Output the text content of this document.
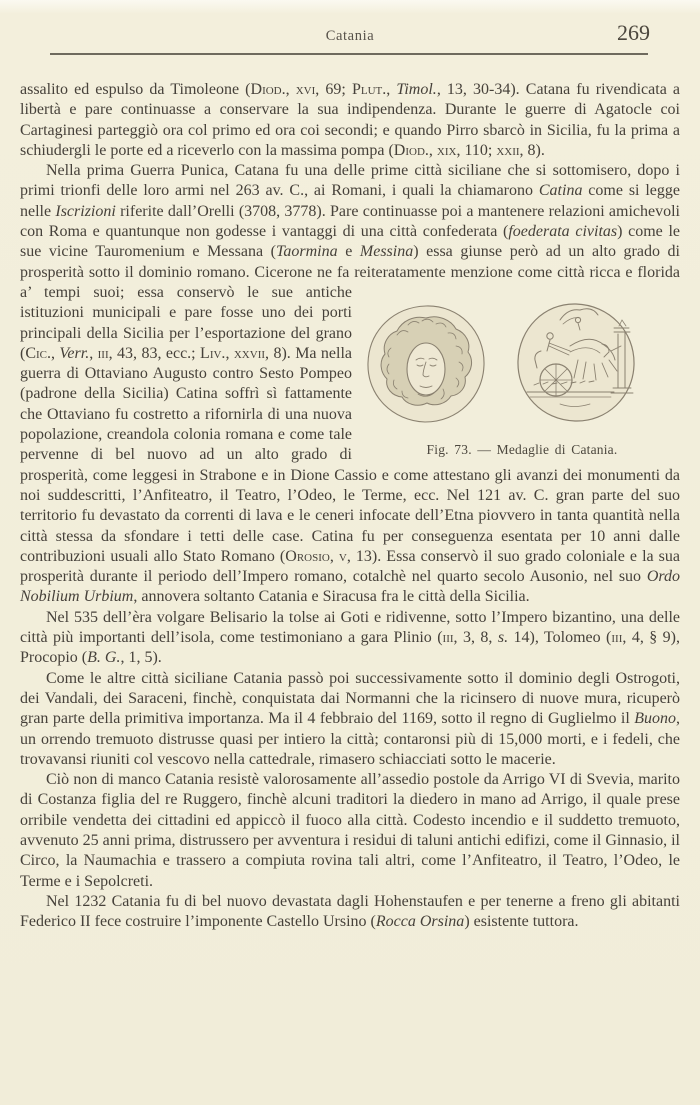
Catania	269

assalito ed espulso da Timoleone (Diod., xvi, 69; Plut., Timol., 13, 30-34). Catana fu rivendicata a libertà e pare continuasse a conservare la sua indipendenza. Durante le guerre di Agatocle coi Cartaginesi parteggiò ora col primo ed ora coi secondi; e quando Pirro sbarcò in Sicilia, fu la prima a schiudergli le porte ed a riceverlo con la massima pompa (Diod., xix, 110; xxii, 8).

Nella prima Guerra Punica, Catana fu una delle prime città siciliane che si sottomisero, dopo i primi trionfi delle loro armi nel 263 av. C., ai Romani, i quali la chiamarono Catina come si legge nelle Iscrizioni riferite dall’Orelli (3708, 3778). Pare continuasse poi a mantenere relazioni amichevoli con Roma e quantunque non godesse i vantaggi di una città confederata (foederata civitas) come le sue vicine Tauromenium e Messana (Taormina e Messina) essa giunse però ad un alto grado di prosperità sotto il dominio romano. Cicerone ne fa reiteratamente menzione come
Fig. 73. — Medaglie di Catania.
città ricca e florida a’ tempi suoi; essa conservò le sue antiche istituzioni municipali e pare fosse uno dei porti principali della Sicilia per l’esportazione del grano (Cic., Verr., iii, 43, 83, ecc.; Liv., xxvii, 8). Ma nella guerra di Ottaviano Augusto contro Sesto Pompeo (padrone della Sicilia) Catina soffrì sì fattamente che Ottaviano fu costretto a rifornirla di una nuova popolazione, creandola colonia romana e come tale pervenne di bel nuovo ad un alto grado di prosperità, come leggesi in Strabone e in Dione Cassio e come attestano gli avanzi dei monumenti da noi suddescritti, l’Anfiteatro, il Teatro, l’Odeo, le Terme, ecc. Nel 121 av. C. gran parte del suo territorio fu devastato da correnti di lava e le ceneri infocate dell’Etna piovvero in tanta quantità nella città stessa da sfondare i tetti delle case. Catina fu per conseguenza esentata per 10 anni dalle contribuzioni usuali allo Stato Romano (Orosio, v, 13). Essa conservò il suo grado coloniale e la sua prosperità durante il periodo dell’Impero romano, cotalchè nel quarto secolo Ausonio, nel suo Ordo Nobilium Urbium, annovera soltanto Catania e Siracusa fra le città della Sicilia.

Nel 535 dell’èra volgare Belisario la tolse ai Goti e ridivenne, sotto l’Impero bizantino, una delle città più importanti dell’isola, come testimoniano a gara Plinio (iii, 3, 8, s. 14), Tolomeo (iii, 4, § 9), Procopio (B. G., 1, 5).

Come le altre città siciliane Catania passò poi successivamente sotto il dominio degli Ostrogoti, dei Vandali, dei Saraceni, finchè, conquistata dai Normanni che la ricinsero di nuove mura, ricuperò gran parte della primitiva importanza. Ma il 4 febbraio del 1169, sotto il regno di Guglielmo il Buono, un orrendo tremuoto distrusse quasi per intiero la città; contaronsi più di 15,000 morti, e i fedeli, che trovavansi riuniti col vescovo nella cattedrale, rimasero schiacciati sotto le macerie.

Ciò non di manco Catania resistè valorosamente all’assedio postole da Arrigo VI di Svevia, marito di Costanza figlia del re Ruggero, finchè alcuni traditori la diedero in mano ad Arrigo, il quale prese orribile vendetta dei cittadini ed appiccò il fuoco alla città. Codesto incendio e il suddetto tremuoto, avvenuto 25 anni prima, distrussero per avventura i residui di taluni antichi edifizi, come il Ginnasio, il Circo, la Naumachia e trassero a compiuta rovina tali altri, come l’Anfiteatro, il Teatro, l’Odeo, le Terme e i Sepolcreti.

Nel 1232 Catania fu di bel nuovo devastata dagli Hohenstaufen e per tenerne a freno gli abitanti Federico II fece costruire l’imponente Castello Ursino (Rocca Orsina) esistente tuttora.
